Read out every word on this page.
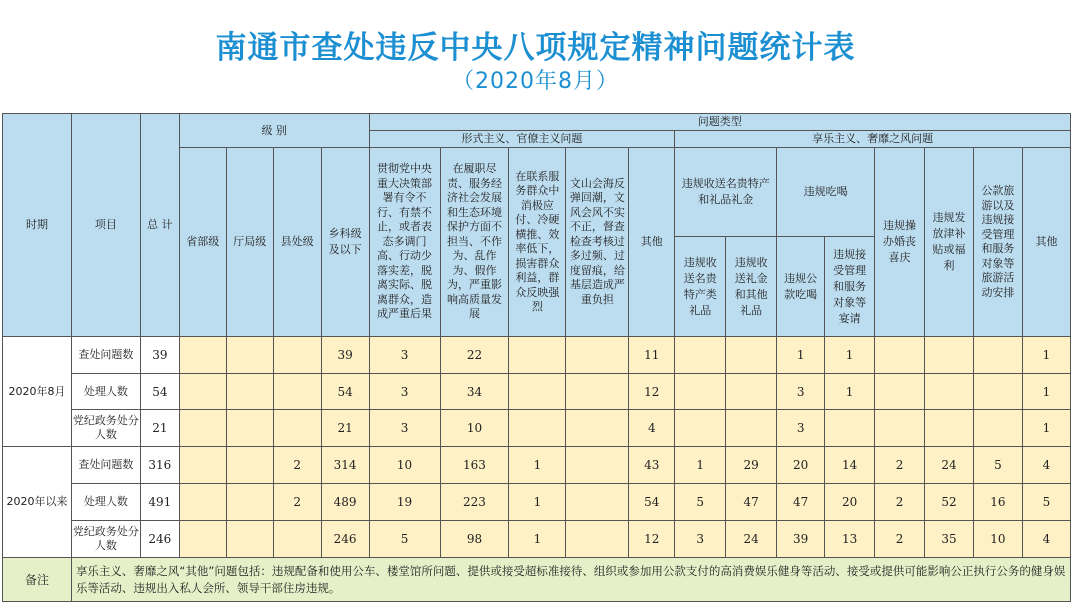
南通市查处违反中央八项规定精神问题统计表
（2020年8月）
时期	项目	总 计	级 别				问题类型												
							形式主义、官僚主义问题					享乐主义、奢靡之风问题							
			省部级	厅局级	县处级	乡科级及以下	贯彻党中央重大决策部署有令不行、有禁不止，或者表态多调门高、行动少落实差，脱离实际、脱离群众，造成严重后果	在履职尽责、服务经济社会发展和生态环境保护方面不担当、不作为、乱作为、假作为，严重影响高质量发展	在联系服务群众中消极应付、冷硬横推、效率低下，损害群众利益，群众反映强烈	文山会海反弹回潮，文风会风不实不正，督查检查考核过多过频、过度留痕，给基层造成严重负担	其他	违规收送名贵特产和礼品礼金		违规吃喝		违规操办婚丧喜庆	违规发放津补贴或福利	公款旅游以及违规接受管理和服务对象等旅游活动安排	其他

												违规收送名贵特产类礼品	违规收送礼金和其他礼品	违规公款吃喝	违规接受管理和服务对象等宴请				

2020年8月	查处问题数	39				39	3	22			11			1	1				1
	处理人数	54				54	3	34			12			3	1				1
	党纪政务处分人数	21				21	3	10			4			3					1
2020年以来	查处问题数	316			2	314	10	163	1		43	1	29	20	14	2	24	5	4
	处理人数	491			2	489	19	223	1		54	5	47	47	20	2	52	16	5
	党纪政务处分人数	246				246	5	98	1		12	3	24	39	13	2	35	10	4
备注	享乐主义、奢靡之风“其他”问题包括：违规配备和使用公车、楼堂馆所问题、提供或接受超标准接待、组织或参加用公款支付的高消费娱乐健身等活动、接受或提供可能影响公正执行公务的健身娱乐等活动、违规出入私人会所、领导干部住房违规。																		
